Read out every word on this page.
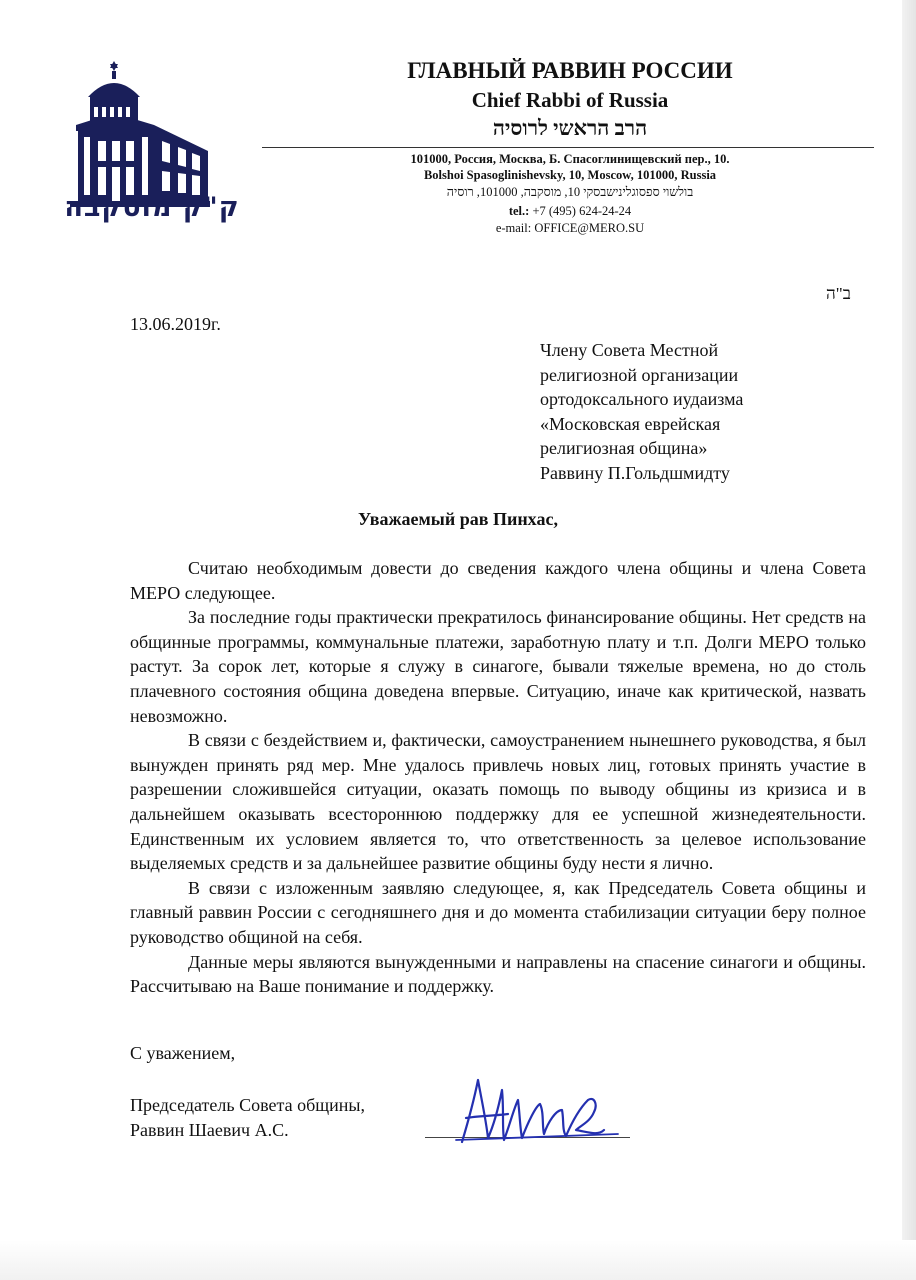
ק"ק מוסקבה
ГЛАВНЫЙ РАВВИН РОССИИ
Chief Rabbi of Russia
הרב הראשי לרוסיה
101000, Россия, Москва, Б. Спасоглинищевский пер., 10.
Bolshoi Spasoglinishevsky, 10, Moscow, 101000, Russia
בולשוי ספסוגלינישבסקי 10, מוסקבה, 101000, רוסיה
tel.: +7 (495) 624-24-24
e-mail: OFFICE@MERO.SU
ב"ה
13.06.2019г.
Члену Совета Местной
религиозной организации
ортодоксального иудаизма
«Московская еврейская
религиозная община»
Раввину П.Гольдшмидту
Уважаемый рав Пинхас,

Считаю необходимым довести до сведения каждого члена общины и члена Совета МЕРО следующее.

За последние годы практически прекратилось финансирование общины. Нет средств на общинные программы, коммунальные платежи, заработную плату и т.п. Долги МЕРО только растут. За сорок лет, которые я служу в синагоге, бывали тяжелые времена, но до столь плачевного состояния община доведена впервые. Ситуацию, иначе как критической, назвать невозможно.

В связи с бездействием и, фактически, самоустранением нынешнего руководства, я был вынужден принять ряд мер. Мне удалось привлечь новых лиц, готовых принять участие в разрешении сложившейся ситуации, оказать помощь по выводу общины из кризиса и в дальнейшем оказывать всестороннюю поддержку для ее успешной жизнедеятельности. Единственным их условием является то, что ответственность за целевое использование выделяемых средств и за дальнейшее развитие общины буду нести я лично.

В связи с изложенным заявляю следующее, я, как Председатель Совета общины и главный раввин России с сегодняшнего дня и до момента стабилизации ситуации беру полное руководство общиной на себя.

Данные меры являются вынужденными и направлены на спасение синагоги и общины. Рассчитываю на Ваше понимание и поддержку.

С уважением,
Председатель Совета общины,
Раввин Шаевич А.С.
